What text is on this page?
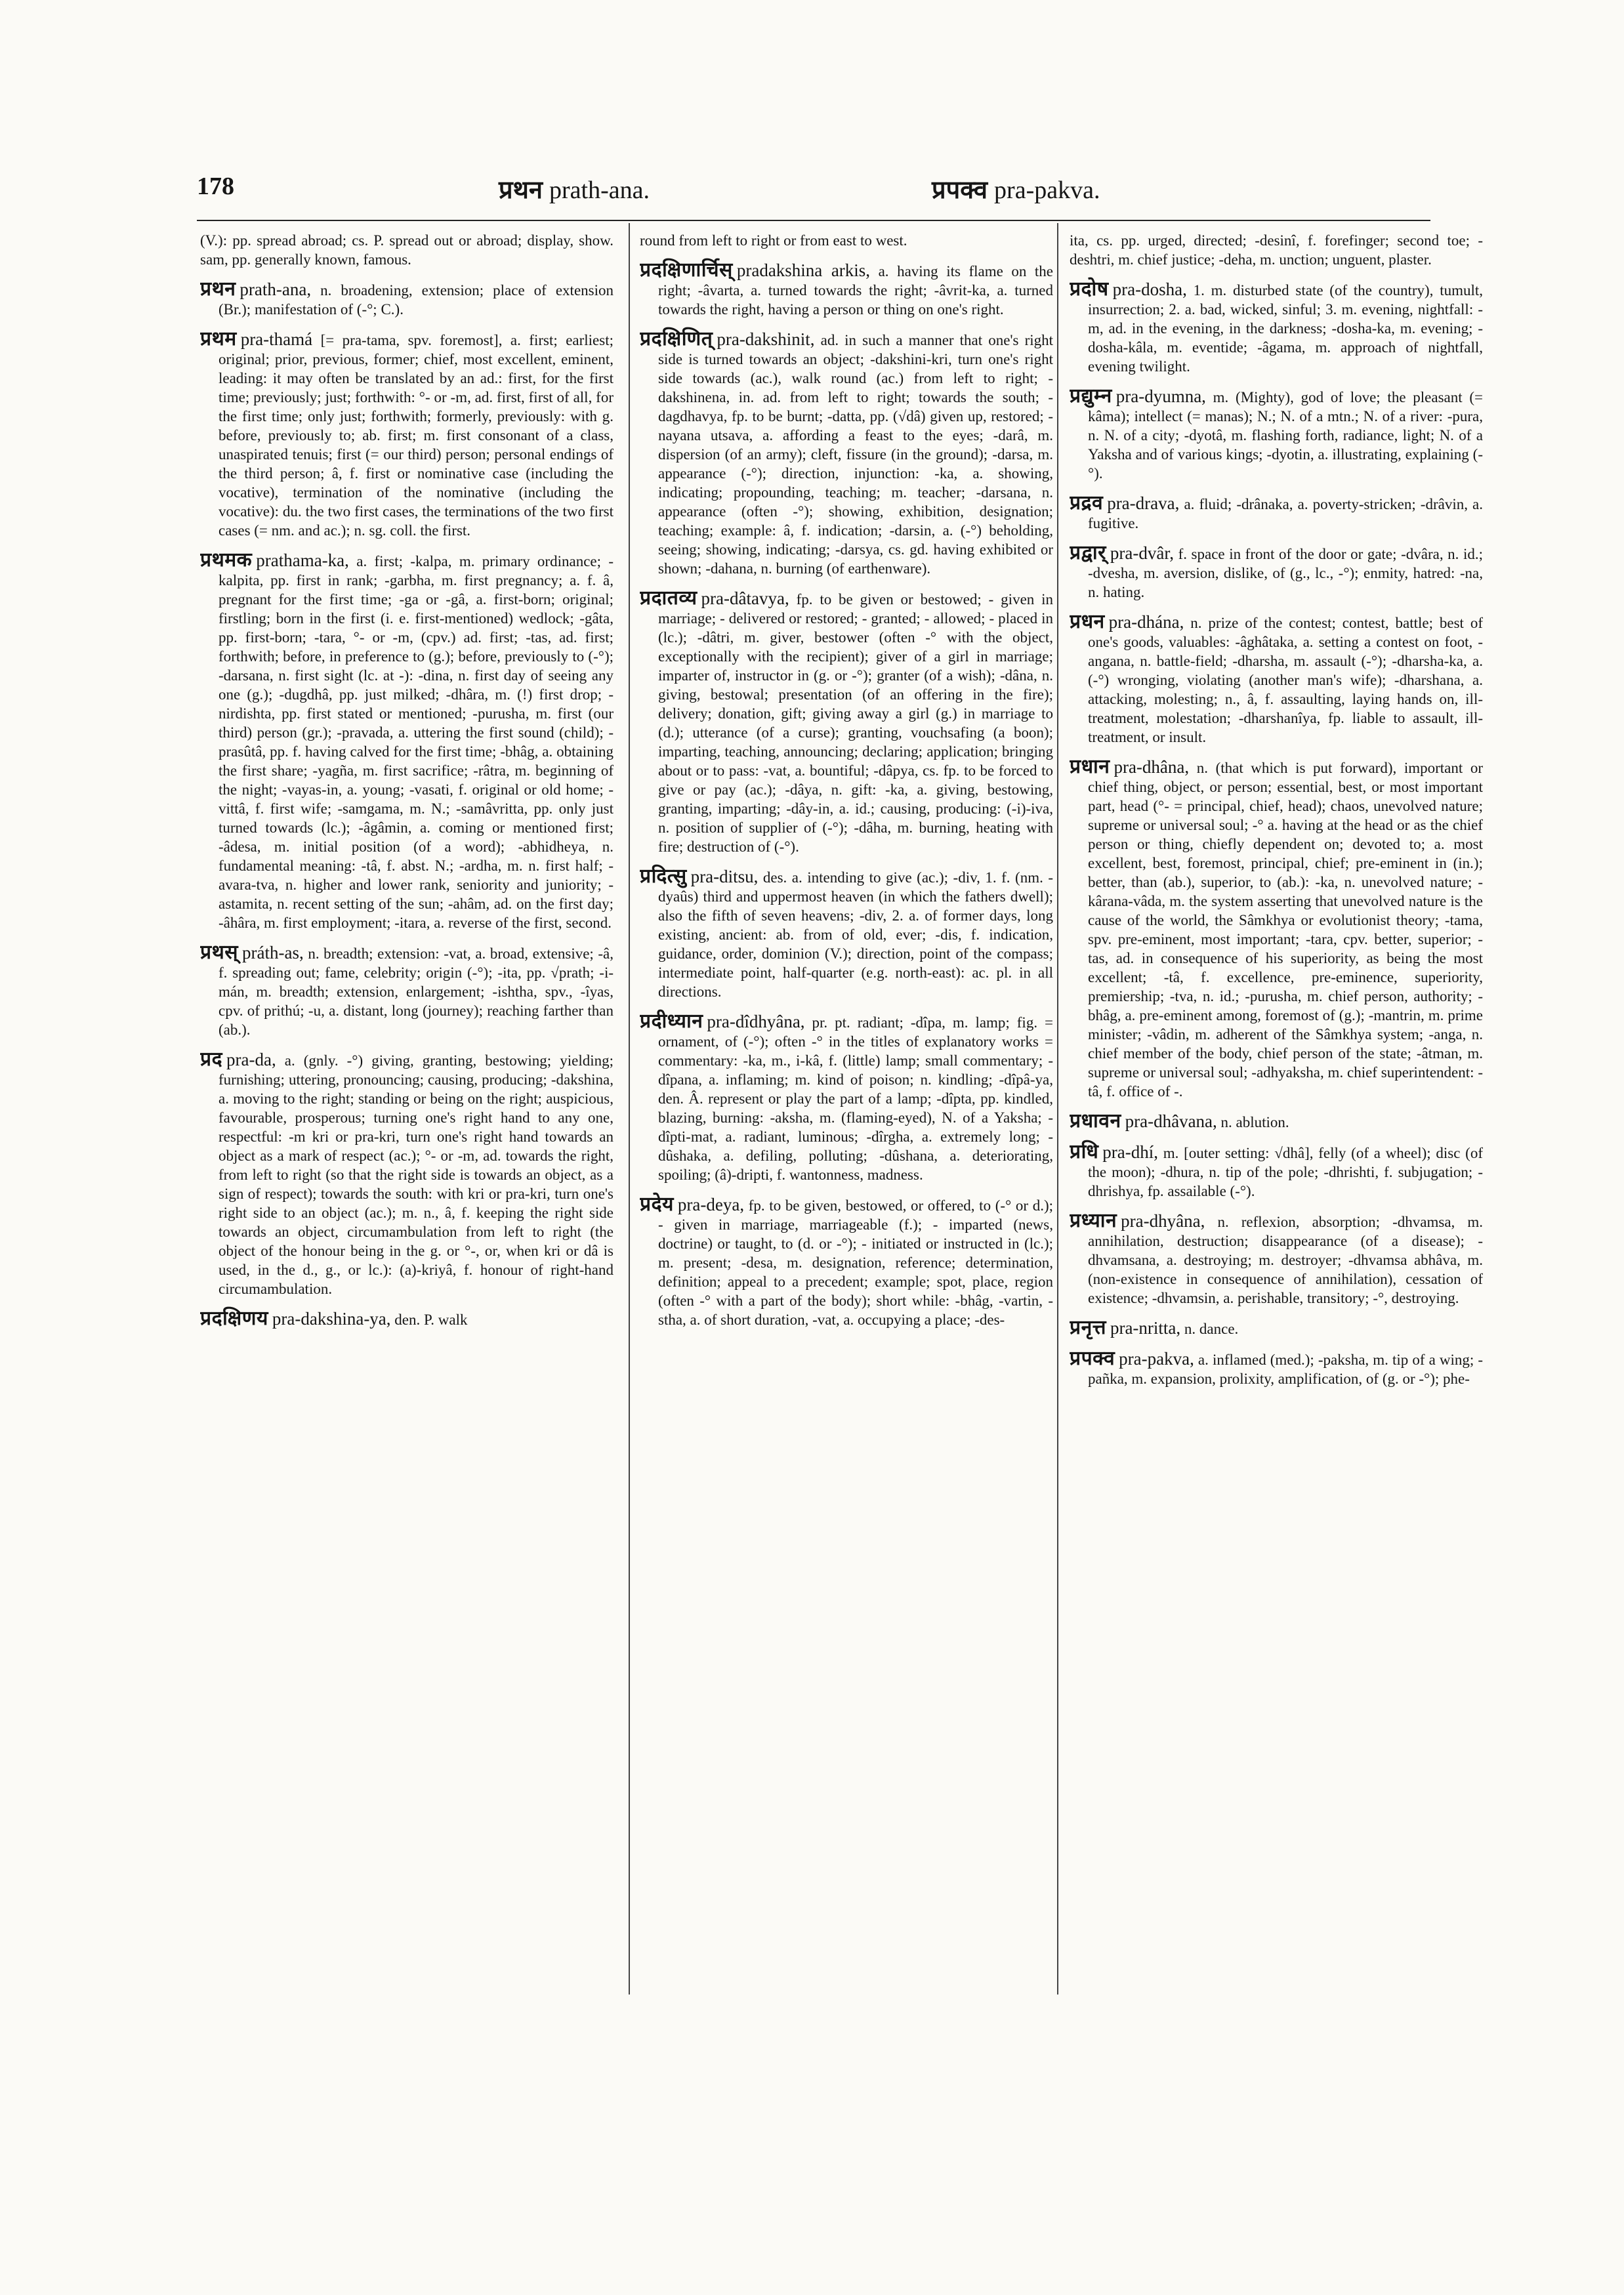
178	प्रथन prath-ana.	प्रपक्व pra-pakva.

(V.): pp. spread abroad; cs. P. spread out or abroad; display, show. sam, pp. generally known, famous.

प्रथन prath-ana, n. broadening, extension; place of extension (Br.); manifestation of (-°; C.).

प्रथम pra-thamá [= pra-tama, spv. foremost], a. first; earliest; original; prior, previous, former; chief, most excellent, eminent, leading: it may often be translated by an ad.: first, for the first time; previously; just; forthwith: °- or -m, ad. first, first of all, for the first time; only just; forthwith; formerly, previously: with g. before, previously to; ab. first; m. first consonant of a class, unaspirated tenuis; first (= our third) person; personal endings of the third person; â, f. first or nominative case (including the vocative), termination of the nominative (including the vocative): du. the two first cases, the terminations of the two first cases (= nm. and ac.); n. sg. coll. the first.

प्रथमक prathama-ka, a. first; -kalpa, m. primary ordinance; -kalpita, pp. first in rank; -garbha, m. first pregnancy; a. f. â, pregnant for the first time; -ga or -gâ, a. first-born; original; firstling; born in the first (i. e. first-mentioned) wedlock; -gâta, pp. first-born; -tara, °- or -m, (cpv.) ad. first; -tas, ad. first; forthwith; before, in preference to (g.); before, previously to (-°); -darsana, n. first sight (lc. at -): -dina, n. first day of seeing any one (g.); -dugdhâ, pp. just milked; -dhâra, m. (!) first drop; -nirdishta, pp. first stated or mentioned; -purusha, m. first (our third) person (gr.); -pravada, a. uttering the first sound (child); -prasûtâ, pp. f. having calved for the first time; -bhâg, a. obtaining the first share; -yagña, m. first sacrifice; -râtra, m. beginning of the night; -vayas-in, a. young; -vasati, f. original or old home; -vittâ, f. first wife; -samgama, m. N.; -samâvritta, pp. only just turned towards (lc.); -âgâmin, a. coming or mentioned first; -âdesa, m. initial position (of a word); -abhidheya, n. fundamental meaning: -tâ, f. abst. N.; -ardha, m. n. first half; -avara-tva, n. higher and lower rank, seniority and juniority; -astamita, n. recent setting of the sun; -ahâm, ad. on the first day; -âhâra, m. first employment; -itara, a. reverse of the first, second.

प्रथस् práth-as, n. breadth; extension: -vat, a. broad, extensive; -â, f. spreading out; fame, celebrity; origin (-°); -ita, pp. √prath; -i-mán, m. breadth; extension, enlargement; -ishtha, spv., -îyas, cpv. of prithú; -u, a. distant, long (journey); reaching farther than (ab.).

प्रद pra-da, a. (gnly. -°) giving, granting, bestowing; yielding; furnishing; uttering, pronouncing; causing, producing; -dakshina, a. moving to the right; standing or being on the right; auspicious, favourable, prosperous; turning one's right hand to any one, respectful: -m kri or pra-kri, turn one's right hand towards an object as a mark of respect (ac.); °- or -m, ad. towards the right, from left to right (so that the right side is towards an object, as a sign of respect); towards the south: with kri or pra-kri, turn one's right side to an object (ac.); m. n., â, f. keeping the right side towards an object, circumambulation from left to right (the object of the honour being in the g. or °-, or, when kri or dâ is used, in the d., g., or lc.): (a)-kriyâ, f. honour of right-hand circumambulation.

प्रदक्षिणय pra-dakshina-ya, den. P. walk

round from left to right or from east to west.

प्रदक्षिणार्चिस् pradakshina arkis, a. having its flame on the right; -âvarta, a. turned towards the right; -âvrit-ka, a. turned towards the right, having a person or thing on one's right.

प्रदक्षिणित् pra-dakshinit, ad. in such a manner that one's right side is turned towards an object; -dakshini-kri, turn one's right side towards (ac.), walk round (ac.) from left to right; -dakshinena, in. ad. from left to right; towards the south; -dagdhavya, fp. to be burnt; -datta, pp. (√dâ) given up, restored; -nayana utsava, a. affording a feast to the eyes; -darâ, m. dispersion (of an army); cleft, fissure (in the ground); -darsa, m. appearance (-°); direction, injunction: -ka, a. showing, indicating; propounding, teaching; m. teacher; -darsana, n. appearance (often -°); showing, exhibition, designation; teaching; example: â, f. indication; -darsin, a. (-°) beholding, seeing; showing, indicating; -darsya, cs. gd. having exhibited or shown; -dahana, n. burning (of earthenware).

प्रदातव्य pra-dâtavya, fp. to be given or bestowed; - given in marriage; - delivered or restored; - granted; - allowed; - placed in (lc.); -dâtri, m. giver, bestower (often -° with the object, exceptionally with the recipient); giver of a girl in marriage; imparter of, instructor in (g. or -°); granter (of a wish); -dâna, n. giving, bestowal; presentation (of an offering in the fire); delivery; donation, gift; giving away a girl (g.) in marriage to (d.); utterance (of a curse); granting, vouchsafing (a boon); imparting, teaching, announcing; declaring; application; bringing about or to pass: -vat, a. bountiful; -dâpya, cs. fp. to be forced to give or pay (ac.); -dâya, n. gift: -ka, a. giving, bestowing, granting, imparting; -dây-in, a. id.; causing, producing: (-i)-iva, n. position of supplier of (-°); -dâha, m. burning, heating with fire; destruction of (-°).

प्रदित्सु pra-ditsu, des. a. intending to give (ac.); -div, 1. f. (nm. -dyaûs) third and uppermost heaven (in which the fathers dwell); also the fifth of seven heavens; -div, 2. a. of former days, long existing, ancient: ab. from of old, ever; -dis, f. indication, guidance, order, dominion (V.); direction, point of the compass; intermediate point, half-quarter (e.g. north-east): ac. pl. in all directions.

प्रदीध्यान pra-dîdhyâna, pr. pt. radiant; -dîpa, m. lamp; fig. = ornament, of (-°); often -° in the titles of explanatory works = commentary: -ka, m., i-kâ, f. (little) lamp; small commentary; -dîpana, a. inflaming; m. kind of poison; n. kindling; -dîpâ-ya, den. Â. represent or play the part of a lamp; -dîpta, pp. kindled, blazing, burning: -aksha, m. (flaming-eyed), N. of a Yaksha; -dîpti-mat, a. radiant, luminous; -dîrgha, a. extremely long; -dûshaka, a. defiling, polluting; -dûshana, a. deteriorating, spoiling; (â)-dripti, f. wantonness, madness.

प्रदेय pra-deya, fp. to be given, bestowed, or offered, to (-° or d.); - given in marriage, marriageable (f.); - imparted (news, doctrine) or taught, to (d. or -°); - initiated or instructed in (lc.); m. present; -desa, m. designation, reference; determination, definition; appeal to a precedent; example; spot, place, region (often -° with a part of the body); short while: -bhâg, -vartin, -stha, a. of short duration, -vat, a. occupying a place; -des-

ita, cs. pp. urged, directed; -desinî, f. forefinger; second toe; -deshtri, m. chief justice; -deha, m. unction; unguent, plaster.

प्रदोष pra-dosha, 1. m. disturbed state (of the country), tumult, insurrection; 2. a. bad, wicked, sinful; 3. m. evening, nightfall: -m, ad. in the evening, in the darkness; -dosha-ka, m. evening; -dosha-kâla, m. eventide; -âgama, m. approach of nightfall, evening twilight.

प्रद्युम्न pra-dyumna, m. (Mighty), god of love; the pleasant (= kâma); intellect (= manas); N.; N. of a mtn.; N. of a river: -pura, n. N. of a city; -dyotâ, m. flashing forth, radiance, light; N. of a Yaksha and of various kings; -dyotin, a. illustrating, explaining (-°).

प्रद्रव pra-drava, a. fluid; -drânaka, a. poverty-stricken; -drâvin, a. fugitive.

प्रद्वार् pra-dvâr, f. space in front of the door or gate; -dvâra, n. id.; -dvesha, m. aversion, dislike, of (g., lc., -°); enmity, hatred: -na, n. hating.

प्रधन pra-dhána, n. prize of the contest; contest, battle; best of one's goods, valuables: -âghâtaka, a. setting a contest on foot, -angana, n. battle-field; -dharsha, m. assault (-°); -dharsha-ka, a. (-°) wronging, violating (another man's wife); -dharshana, a. attacking, molesting; n., â, f. assaulting, laying hands on, ill-treatment, molestation; -dharshanîya, fp. liable to assault, ill-treatment, or insult.

प्रधान pra-dhâna, n. (that which is put forward), important or chief thing, object, or person; essential, best, or most important part, head (°- = principal, chief, head); chaos, unevolved nature; supreme or universal soul; -° a. having at the head or as the chief person or thing, chiefly dependent on; devoted to; a. most excellent, best, foremost, principal, chief; pre-eminent in (in.); better, than (ab.), superior, to (ab.): -ka, n. unevolved nature; -kârana-vâda, m. the system asserting that unevolved nature is the cause of the world, the Sâmkhya or evolutionist theory; -tama, spv. pre-eminent, most important; -tara, cpv. better, superior; -tas, ad. in consequence of his superiority, as being the most excellent; -tâ, f. excellence, pre-eminence, superiority, premiership; -tva, n. id.; -purusha, m. chief person, authority; -bhâg, a. pre-eminent among, foremost of (g.); -mantrin, m. prime minister; -vâdin, m. adherent of the Sâmkhya system; -anga, n. chief member of the body, chief person of the state; -âtman, m. supreme or universal soul; -adhyaksha, m. chief superintendent: -tâ, f. office of -.

प्रधावन pra-dhâvana, n. ablution.

प्रधि pra-dhí, m. [outer setting: √dhâ], felly (of a wheel); disc (of the moon); -dhura, n. tip of the pole; -dhrishti, f. subjugation; -dhrishya, fp. assailable (-°).

प्रध्यान pra-dhyâna, n. reflexion, absorption; -dhvamsa, m. annihilation, destruction; disappearance (of a disease); -dhvamsana, a. destroying; m. destroyer; -dhvamsa abhâva, m. (non-existence in consequence of annihilation), cessation of existence; -dhvamsin, a. perishable, transitory; -°, destroying.

प्रनृत्त pra-nritta, n. dance.

प्रपक्व pra-pakva, a. inflamed (med.); -paksha, m. tip of a wing; -pañka, m. expansion, prolixity, amplification, of (g. or -°); phe-
